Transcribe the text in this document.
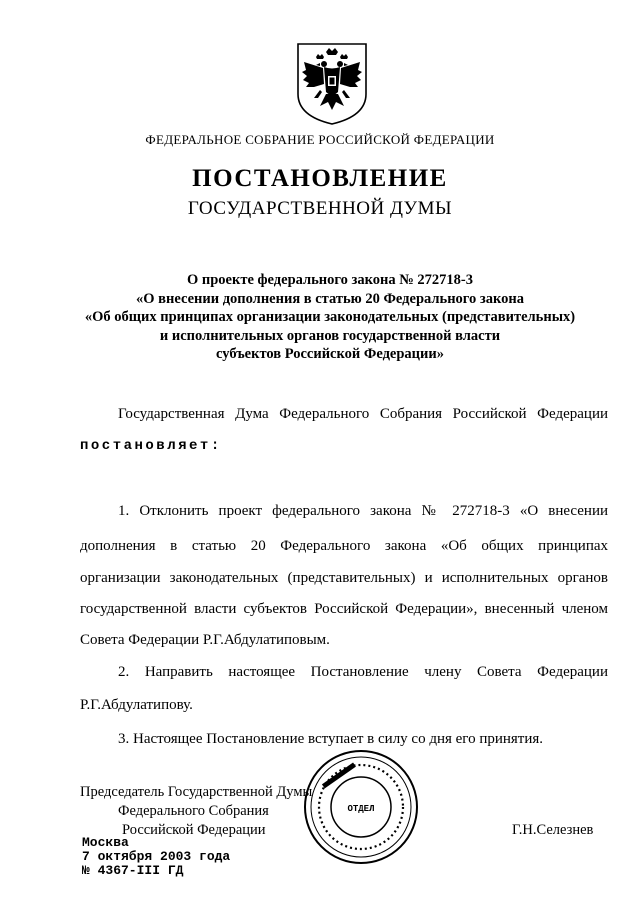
ФЕДЕРАЛЬНОЕ СОБРАНИЕ РОССИЙСКОЙ ФЕДЕРАЦИИ
ПОСТАНОВЛЕНИЕ
ГОСУДАРСТВЕННОЙ ДУМЫ
О проекте федерального закона № 272718-3
«О внесении дополнения в статью 20 Федерального закона
«Об общих принципах организации законодательных (представительных)
и исполнительных органов государственной власти
субъектов Российской Федерации»
Государственная Дума Федерального Собрания Российской Федерации
постановляет:
1. Отклонить проект федерального закона № 272718-3 «О внесении
дополнения в статью 20 Федерального закона «Об общих принципах
организации законодательных (представительных) и исполнительных органов
государственной власти субъектов Российской Федерации», внесенный членом
Совета Федерации Р.Г.Абдулатиповым.
2. Направить настоящее Постановление члену Совета Федерации
Р.Г.Абдулатипову.
3. Настоящее Постановление вступает в силу со дня его принятия.
Председатель Государственной Думы
Федерального Собрания
Российской Федерации	Г.Н.Селезнев
Москва
7 октября 2003 года
№ 4367-III ГД
ОТДЕЛ
